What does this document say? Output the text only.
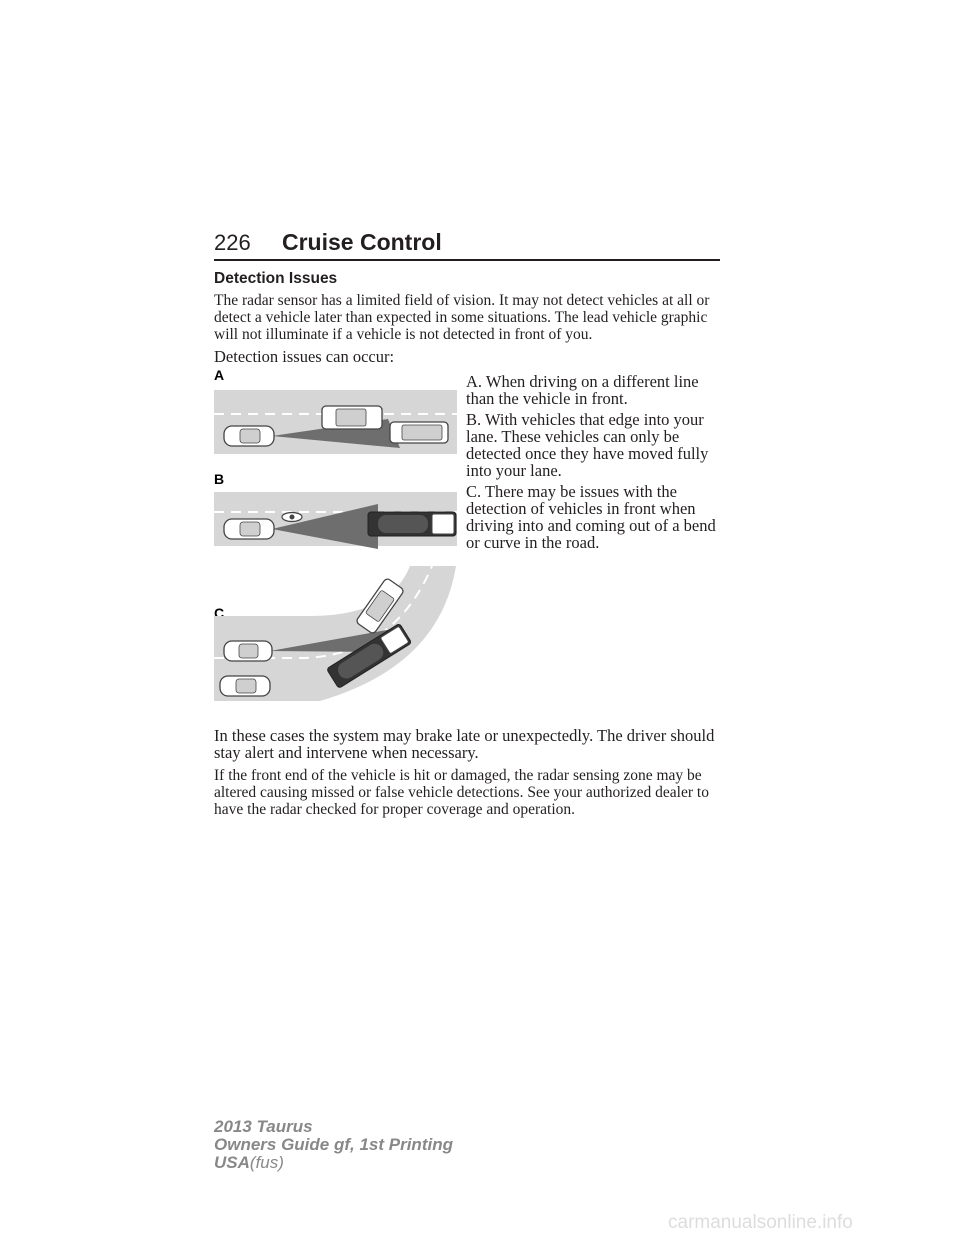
226 Cruise Control
Detection Issues

The radar sensor has a limited field of vision. It may not detect vehicles at all or detect a vehicle later than expected in some situations. The lead vehicle graphic will not illuminate if a vehicle is not detected in front of you.

Detection issues can occur:

A. When driving on a different line than the vehicle in front.

B. With vehicles that edge into your lane. These vehicles can only be detected once they have moved fully into your lane.

C. There may be issues with the detection of vehicles in front when driving into and coming out of a bend or curve in the road.

A
B
C

In these cases the system may brake late or unexpectedly. The driver should stay alert and intervene when necessary.

If the front end of the vehicle is hit or damaged, the radar sensing zone may be altered causing missed or false vehicle detections. See your authorized dealer to have the radar checked for proper coverage and operation.

2013 Taurus
Owners Guide gf, 1st Printing
USA(fus)
carmanualsonline.info
